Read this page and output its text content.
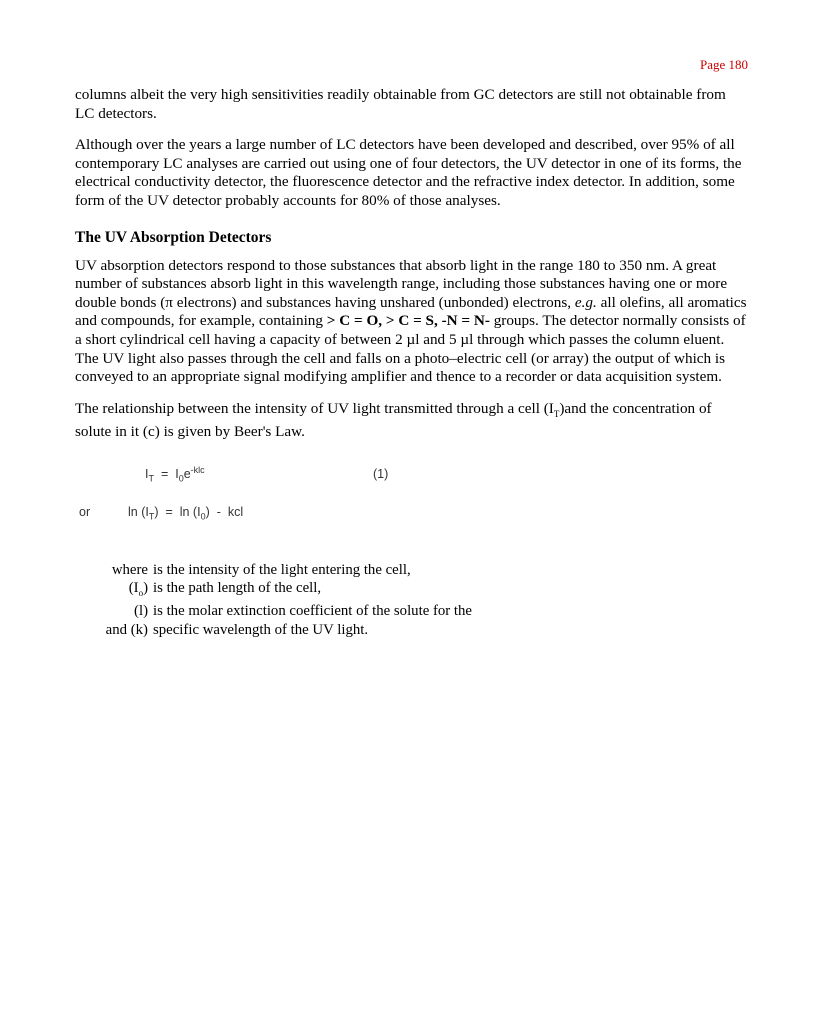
Page 180

columns albeit the very high sensitivities readily obtainable from GC detectors are still not obtainable from LC detectors.

Although over the years a large number of LC detectors have been developed and described, over 95% of all contemporary LC analyses are carried out using one of four detectors, the UV detector in one of its forms, the electrical conductivity detector, the fluorescence detector and the refractive index detector. In addition, some form of the UV detector probably accounts for 80% of those analyses.

The UV Absorption Detectors

UV absorption detectors respond to those substances that absorb light in the range 180 to 350 nm. A great number of substances absorb light in this wavelength range, including those substances having one or more double bonds (π electrons) and substances having unshared (unbonded) electrons, e.g. all olefins, all aromatics and compounds, for example, containing > C = O, > C = S, -N = N- groups. The detector normally consists of a short cylindrical cell having a capacity of between 2 µl and 5 µl through which passes the column eluent. The UV light also passes through the cell and falls on a photo–electric cell (or array) the output of which is conveyed to an appropriate signal modifying amplifier and thence to a recorder or data acquisition system.

The relationship between the intensity of UV light transmitted through a cell $(I_T)and$ the concentration of solute in it (c) is given by Beer's Law.

$I_T = I_0e^{-klc}$	(1)
or	$\ln (I_T) = \ln (I_0)$ - kcl
where is the intensity of the light entering the cell,
$(I_o)$ is the path length of the cell,
(l) is the molar extinction coefficient of the solute for the
and (k) specific wavelength of the UV light.
